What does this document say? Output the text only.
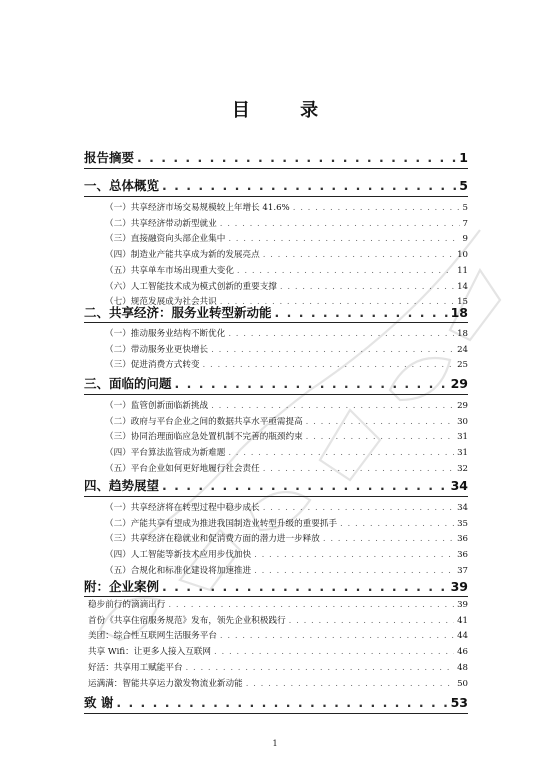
目 录
报告摘要 . . .	1
一、总体概览 . . .	5
（一）共享经济市场交易规模较上年增长 41.6% . . .	5
（二）共享经济带动新型就业 . . .	7
（三）直接融资向头部企业集中 . . .	9
（四）制造业产能共享成为新的发展亮点 . . .	10
（五）共享单车市场出现重大变化 . . .	11
（六）人工智能技术成为模式创新的重要支撑 . . .	14
（七）规范发展成为社会共识 . . .	15
二、共享经济：服务业转型新动能 . . .	18
（一）推动服务业结构不断优化 . . .	18
（二）带动服务业更快增长 . . .	24
（三）促进消费方式转变 . . .	25
三、面临的问题 . . .	29
（一）监管创新面临新挑战 . . .	29
（二）政府与平台企业之间的数据共享水平亟需提高 . . .	30
（三）协同治理面临应急处置机制不完善的瓶颈约束 . . .	31
（四）平台算法监管成为新难题 . . .	31
（五）平台企业如何更好地履行社会责任 . . .	32
四、趋势展望 . . .	34
（一）共享经济将在转型过程中稳步成长 . . .	34
（二）产能共享有望成为推进我国制造业转型升级的重要抓手 . . .	35
（三）共享经济在稳就业和促消费方面的潜力进一步释放 . . .	36
（四）人工智能等新技术应用步伐加快 . . .	36
（五）合规化和标准化建设将加速推进 . . .	37
附：企业案例 . . .	39
稳步前行的滴滴出行 . . .	39
首份《共享住宿服务规范》发布，领先企业积极践行 . . .	41
美团：综合性互联网生活服务平台 . . .	44
共享 Wifi：让更多人接入互联网 . . .	46
好活：共享用工赋能平台 . . .	48
运满满：智能共享运力激发物流业新动能 . . .	50
致 谢 . . .	53
1
